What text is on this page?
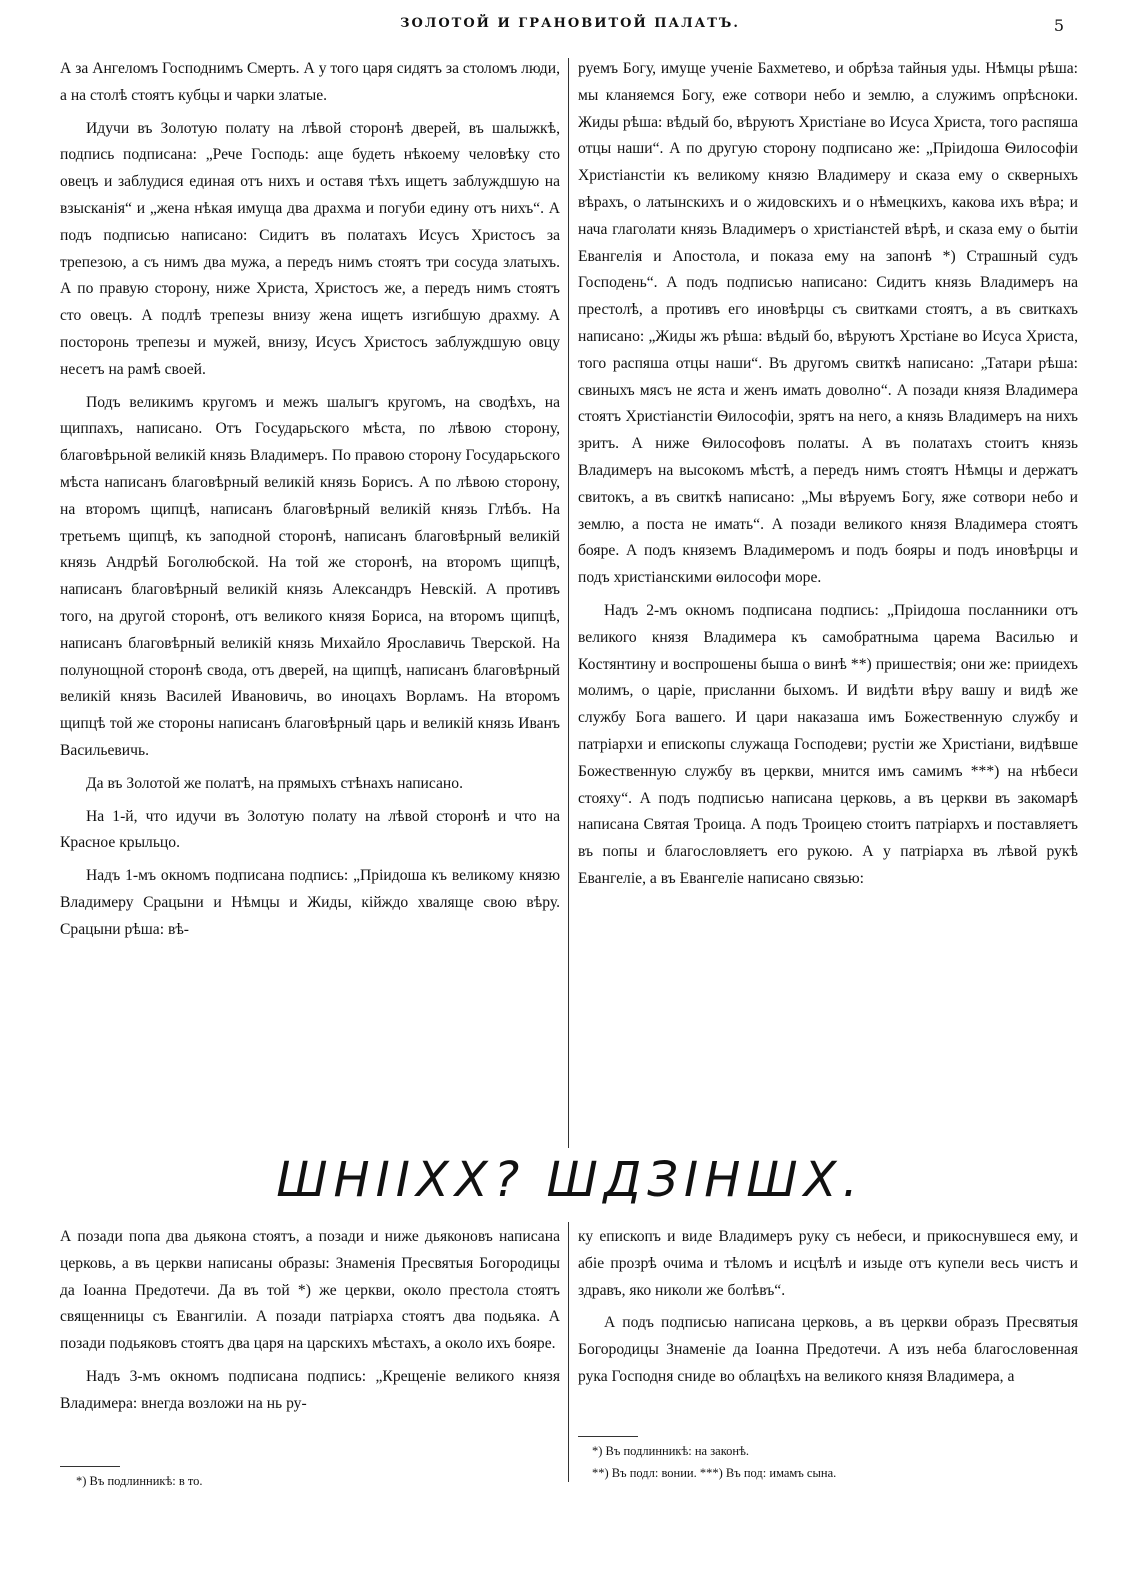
ЗОЛОТОЙ И ГРАНОВИТОЙ ПАЛАТЪ.	5

А за Ангеломъ Господнимъ Смерть. А у того царя сидятъ за столомъ люди, а на столѣ стоятъ кубцы и чарки златые.

Идучи въ Золотую полату на лѣвой сторонѣ дверей, въ шалыжкѣ, подпись подписана: „Рече Господь: аще будеть нѣкоему человѣку сто овецъ и заблудися единая отъ нихъ и оставя тѣхъ ищетъ заблуждшую на взысканія“ и „жена нѣкая имуща два драхма и погуби едину отъ нихъ“. А подъ подписью написано: Сидитъ въ полатахъ Исусъ Христосъ за трепезою, а съ нимъ два мужа, а передъ нимъ стоятъ три сосуда златыхъ. А по правую сторону, ниже Христа, Христосъ же, а передъ нимъ стоятъ сто овецъ. А подлѣ трепезы внизу жена ищетъ изгибшую драхму. А посторонь трепезы и мужей, внизу, Исусъ Христосъ заблуждшую овцу несетъ на рамѣ своей.

Подъ великимъ кругомъ и межъ шалыгъ кругомъ, на сводѣхъ, на щиппахъ, написано. Отъ Государьского мѣста, по лѣвою сторону, благовѣрьной великій князь Владимеръ. По правою сторону Государьского мѣста написанъ благовѣрный великій князь Борисъ. А по лѣвою сторону, на второмъ щипцѣ, написанъ благовѣрный великій князь Глѣбъ. На третьемъ щипцѣ, къ заподной сторонѣ, написанъ благовѣрный великій князь Андрѣй Боголюбской. На той же сторонѣ, на второмъ щипцѣ, написанъ благовѣрный великій князь Александръ Невскій. А противъ того, на другой сторонѣ, отъ великого князя Бориса, на второмъ щипцѣ, написанъ благовѣрный великій князь Михайло Ярославичь Тверской. На полунощной сторонѣ свода, отъ дверей, на щипцѣ, написанъ благовѣрный великій князь Василей Ивановичь, во иноцахъ Ворламъ. На второмъ щипцѣ той же стороны написанъ благовѣрный царь и великій князь Иванъ Васильевичь.

Да въ Золотой же полатѣ, на прямыхъ стѣнахъ написано.

На 1-й, что идучи въ Золотую полату на лѣвой сторонѣ и что на Красное крыльцо.

Надъ 1-мъ окномъ подписана подпись: „Пріидоша къ великому князю Владимеру Срацыни и Нѣмцы и Жиды, кійждо хваляще свою вѣру. Срацыни рѣша: вѣ-

руемъ Богу, имуще ученіе Бахметево, и обрѣза тайныя уды. Нѣмцы рѣша: мы кланяемся Богу, еже сотвори небо и землю, а служимъ опрѣсноки. Жиды рѣша: вѣдый бо, вѣруютъ Христіане во Исуса Христа, того распяша отцы наши“. А по другую сторону подписано же: „Пріидоша Ѳилософіи Христіанстіи къ великому князю Владимеру и сказа ему о скверныхъ вѣрахъ, о латынскихъ и о жидовскихъ и о нѣмецкихъ, какова ихъ вѣра; и нача глаголати князь Владимеръ о христіанстей вѣрѣ, и сказа ему о бытіи Евангелія и Апостола, и показа ему на запонѣ *) Страшный судъ Господень“. А подъ подписью написано: Сидитъ князь Владимеръ на престолѣ, а противъ его иновѣрцы съ свитками стоятъ, а въ свиткахъ написано: „Жиды жъ рѣша: вѣдый бо, вѣруютъ Хрстіане во Исуса Христа, того распяша отцы наши“. Въ другомъ свиткѣ написано: „Татари рѣша: свиныхъ мясъ не яста и женъ имать доволно“. А позади князя Владимера стоятъ Христіанстіи Ѳилософіи, зрятъ на него, а князь Владимеръ на нихъ зритъ. А ниже Ѳилософовъ полаты. А въ полатахъ стоитъ князь Владимеръ на высокомъ мѣстѣ, а передъ нимъ стоятъ Нѣмцы и держатъ свитокъ, а въ свиткѣ написано: „Мы вѣруемъ Богу, яже сотвори небо и землю, а поста не имать“. А позади великого князя Владимера стоятъ бояре. А подъ княземъ Владимеромъ и подъ бояры и подъ иновѣрцы и подъ христіанскими ѳилософи море.

Надъ 2-мъ окномъ подписана подпись: „Пріидоша посланники отъ великого князя Владимера къ самобратныма царема Василью и Костянтину и воспрошены быша о винѣ **) пришествія; они же: приидехъ молимъ, о царіе, присланни быхомъ. И видѣти вѣру вашу и видѣ же службу Бога вашего. И цари наказаша имъ Божественную службу и патріархи и епископы служаща Господеви; рустіи же Христіани, видѣвше Божественную службу въ церкви, мнится имъ самимъ ***) на нѣбеси стояху“. А подъ подписью написана церковь, а въ церкви въ закомарѣ написана Святая Троица. А подъ Троицею стоитъ патріархъ и поставляетъ въ попы и благословляетъ его рукою. А у патріарха въ лѣвой рукѣ Евангеліе, а въ Евангеліе написано связью:

ШНІІХХ? ШДЗІНШХ.

А позади попа два дьякона стоятъ, а позади и ниже дьяконовъ написана церковь, а въ церкви написаны образы: Знаменія Пресвятыя Богородицы да Іоанна Предотечи. Да въ той *) же церкви, около престола стоятъ священницы съ Евангиліи. А позади патріарха стоятъ два подьяка. А позади подьяковъ стоятъ два царя на царскихъ мѣстахъ, а около ихъ бояре.

Надъ 3-мъ окномъ подписана подпись: „Крещеніе великого князя Владимера: внегда возложи на нь ру-

ку епископъ и виде Владимеръ руку съ небеси, и прикоснувшеся ему, и абіе прозрѣ очима и тѣломъ и исцѣлѣ и изыде отъ купели весь чистъ и здравъ, яко николи же болѣвъ“.

А подъ подписью написана церковь, а въ церкви образъ Пресвятыя Богородицы Знаменіе да Іоанна Предотечи. А изъ неба благословенная рука Господня сниде во облацѣхъ на великого князя Владимера, а

*) Въ подлинникѣ: в то.
*) Въ подлинникѣ: на законѣ.
**) Въ подл: вонии. ***) Въ под: имамъ сына.
